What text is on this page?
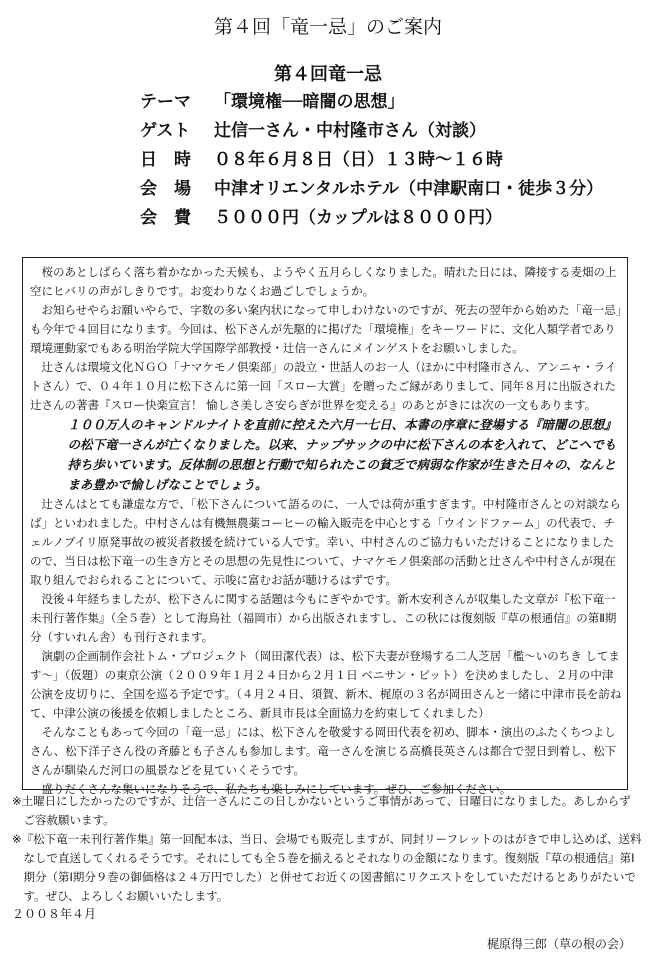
第４回「竜一忌」のご案内
第４回竜一忌
テーマ 「環境権──暗闇の思想」
ゲスト 辻信一さん・中村隆市さん（対談）
日　時 ０８年６月８日（日）１３時〜１６時
会　場 中津オリエンタルホテル（中津駅南口・徒歩３分）
会　費 ５０００円（カップルは８０００円）

桜のあとしばらく落ち着かなかった天候も、ようやく五月らしくなりました。晴れた日には、隣接する麦畑の上空にヒバリの声がしきりです。お変わりなくお過ごしでしょうか。

お知らせやらお願いやらで、字数の多い案内状になって申しわけないのですが、死去の翌年から始めた「竜一忌」も今年で４回目になります。今回は、松下さんが先駆的に掲げた「環境権」をキーワードに、文化人類学者であり環境運動家でもある明治学院大学国際学部教授・辻信一さんにメインゲストをお願いしました。

辻さんは環境文化ＮＧＯ「ナマケモノ倶楽部」の設立・世話人のお一人（ほかに中村隆市さん、アンニャ・ライトさん）で、０４年１０月に松下さんに第一回「スロー大賞」を贈ったご縁がありまして、同年８月に出版された辻さんの著書『スロー快楽宣言！ 愉しさ美しさ安らぎが世界を変える』のあとがきには次の一文もあります。

１００万人のキャンドルナイトを直前に控えた六月一七日、本書の序章に登場する『暗闇の思想』の松下竜一さんが亡くなりました。以来、ナップサックの中に松下さんの本を入れて、どこへでも持ち歩いています。反体制の思想と行動で知られたこの貧乏で病弱な作家が生きた日々の、なんとまあ豊かで愉しげなことでしょう。

辻さんはとても謙虚な方で、「松下さんについて語るのに、一人では荷が重すぎます。中村隆市さんとの対談ならば」といわれました。中村さんは有機無農薬コーヒーの輸入販売を中心とする「ウインドファーム」の代表で、チェルノブイリ原発事故の被災者救援を続けている人です。幸い、中村さんのご協力もいただけることになりましたので、当日は松下竜一の生き方とその思想の先見性について、ナマケモノ倶楽部の活動と辻さんや中村さんが現在取り組んでおられることについて、示唆に富むお話が聴けるはずです。

没後４年経ちましたが、松下さんに関する話題は今もにぎやかです。新木安利さんが収集した文章が『松下竜一未刊行著作集』（全５巻）として海鳥社（福岡市）から出版されますし、この秋には復刻版『草の根通信』の第Ⅱ期分（すいれん舎）も刊行されます。

演劇の企画制作会社トム・プロジェクト（岡田潔代表）は、松下夫妻が登場する二人芝居「檻〜いのちき してます〜」（仮題）の東京公演（２００９年１月２４日から２月１日 ベニサン・ピット）を決めましたし、２月の中津公演を皮切りに、全国を巡る予定です。（４月２４日、須賀、新木、梶原の３名が岡田さんと一緒に中津市長を訪ねて、中津公演の後援を依頼しましたところ、新貝市長は全面協力を約束してくれました）

そんなこともあって今回の「竜一忌」には、松下さんを敬愛する岡田代表を初め、脚本・演出のふたくちつよしさん、松下洋子さん役の斉藤とも子さんも参加します。竜一さんを演じる高橋長英さんは都合で翌日到着し、松下さんが馴染んだ河口の風景などを見ていくそうです。

盛りだくさんな集いになりそうで、私たちも楽しみにしています。ぜひ、ご参加ください。

※土曜日にしたかったのですが、辻信一さんにこの日しかないというご事情があって、日曜日になりました。あしからずご容赦願います。

※『松下竜一未刊行著作集』第一回配本は、当日、会場でも販売しますが、同封リーフレットのはがきで申し込めば、送料なしで直送してくれるそうです。それにしても全５巻を揃えるとそれなりの金額になります。復刻版『草の根通信』第Ⅰ期分（第Ⅰ期分９巻の御価格は２４万円でした）と併せてお近くの図書館にリクエストをしていただけるとありがたいです。ぜひ、よろしくお願いいたします。

２００８年４月
梶原得三郎（草の根の会）
